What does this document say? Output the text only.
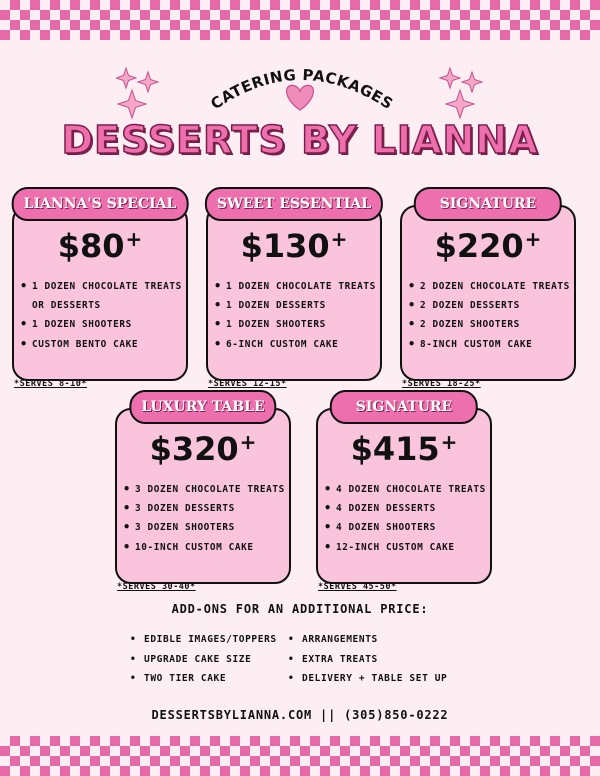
CATERING PACKAGES
DESSERTS BY LIANNA
LIANNA'S SPECIAL
$80+
• 1 DOZEN CHOCOLATE TREATS
OR DESSERTS
• 1 DOZEN SHOOTERS
• CUSTOM BENTO CAKE
*SERVES 8-10*
SWEET ESSENTIAL
$130+
• 1 DOZEN CHOCOLATE TREATS
• 1 DOZEN DESSERTS
• 1 DOZEN SHOOTERS
• 6-INCH CUSTOM CAKE
*SERVES 12-15*
SIGNATURE
$220+
• 2 DOZEN CHOCOLATE TREATS
• 2 DOZEN DESSERTS
• 2 DOZEN SHOOTERS
• 8-INCH CUSTOM CAKE
*SERVES 18-25*
LUXURY TABLE
$320+
• 3 DOZEN CHOCOLATE TREATS
• 3 DOZEN DESSERTS
• 3 DOZEN SHOOTERS
• 10-INCH CUSTOM CAKE
*SERVES 30-40*
SIGNATURE
$415+
• 4 DOZEN CHOCOLATE TREATS
• 4 DOZEN DESSERTS
• 4 DOZEN SHOOTERS
• 12-INCH CUSTOM CAKE
*SERVES 45-50*
ADD-ONS FOR AN ADDITIONAL PRICE:
• EDIBLE IMAGES/TOPPERS
• UPGRADE CAKE SIZE
• TWO TIER CAKE
• ARRANGEMENTS
• EXTRA TREATS
• DELIVERY + TABLE SET UP
DESSERTSBYLIANNA.COM || (305)850-0222
